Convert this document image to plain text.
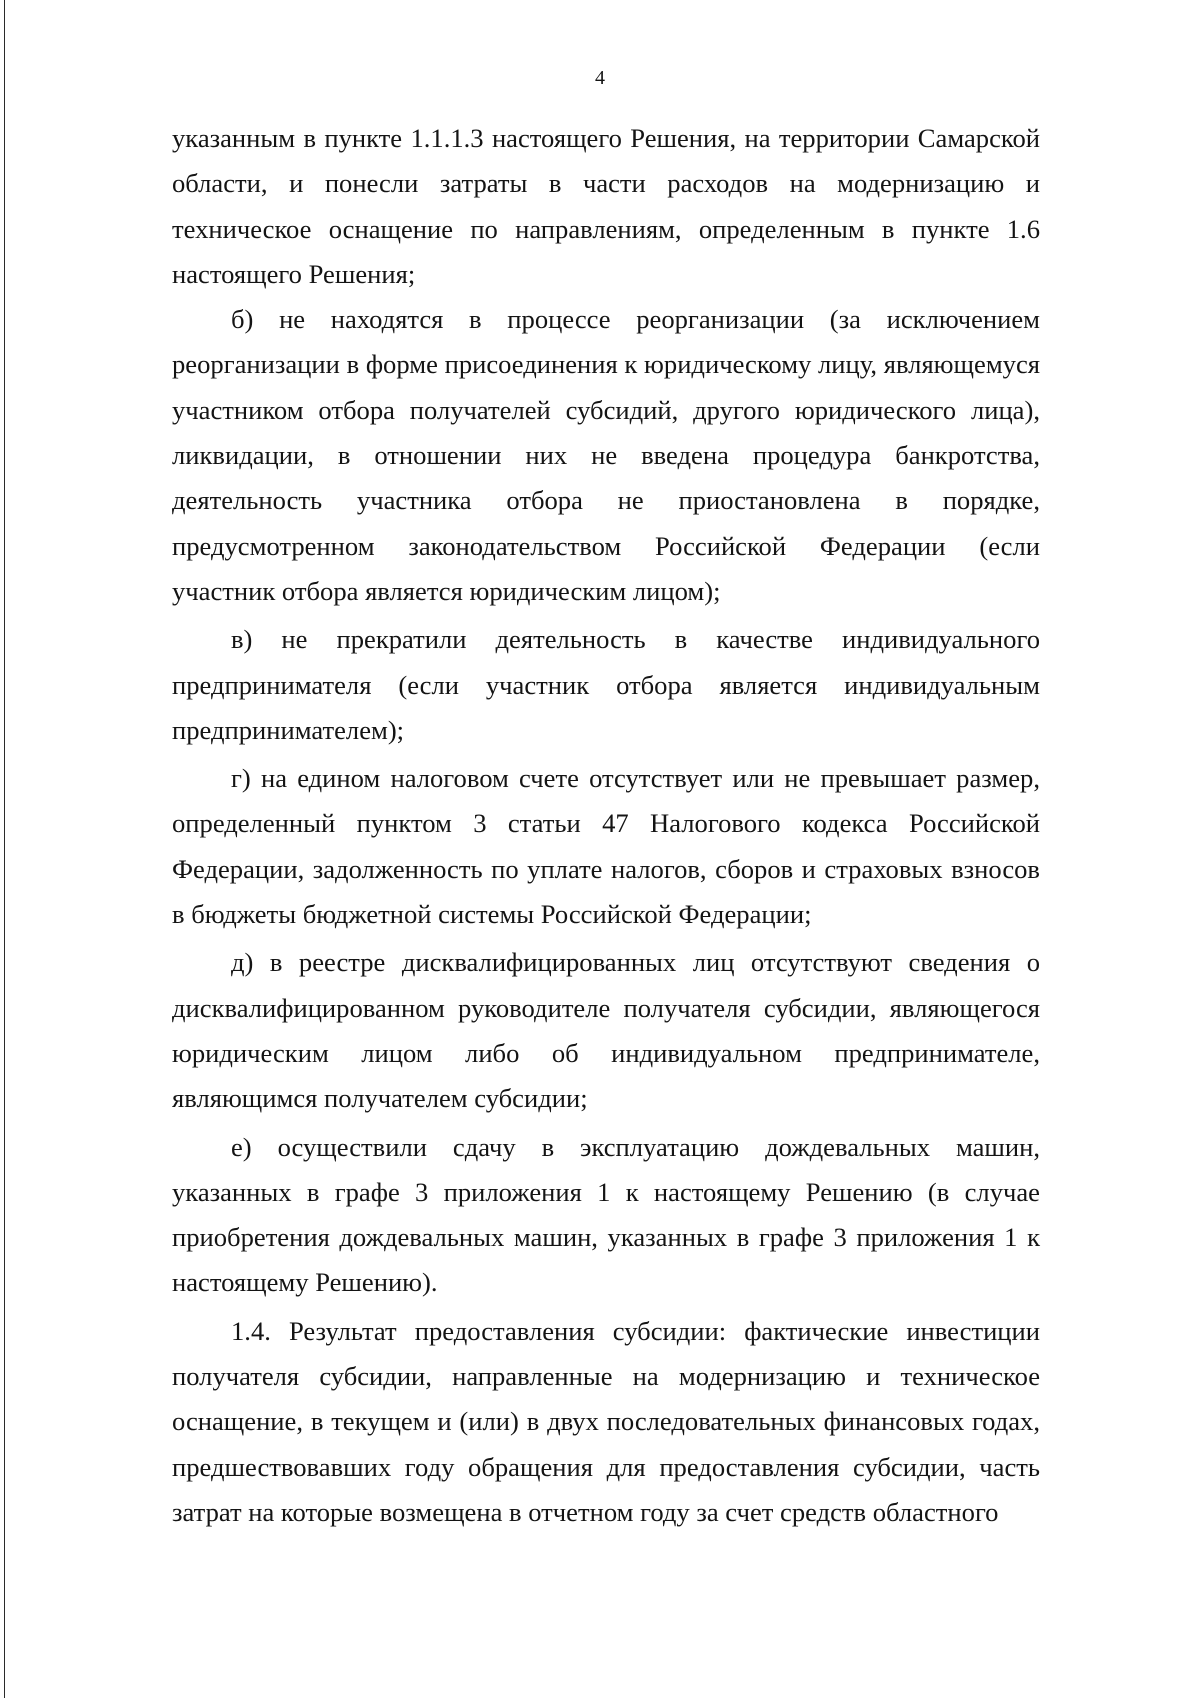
4

указанным в пункте 1.1.1.3 настоящего Решения, на территории Самарской области, и понесли затраты в части расходов на модернизацию и техническое оснащение по направлениям, определенным в пункте 1.6 настоящего Решения;

б) не находятся в процессе реорганизации (за исключением реорганизации в форме присоединения к юридическому лицу, являющемуся участником отбора получателей субсидий, другого юридического лица), ликвидации, в отношении них не введена процедура банкротства, деятельность участника отбора не приостановлена в порядке, предусмотренном законодательством Российской Федерации (если участник отбора является юридическим лицом);

в) не прекратили деятельность в качестве индивидуального предпринимателя (если участник отбора является индивидуальным предпринимателем);

г) на едином налоговом счете отсутствует или не превышает размер, определенный пунктом 3 статьи 47 Налогового кодекса Российской Федерации, задолженность по уплате налогов, сборов и страховых взносов в бюджеты бюджетной системы Российской Федерации;

д) в реестре дисквалифицированных лиц отсутствуют сведения о дисквалифицированном руководителе получателя субсидии, являющегося юридическим лицом либо об индивидуальном предпринимателе, являющимся получателем субсидии;

е) осуществили сдачу в эксплуатацию дождевальных машин, указанных в графе 3 приложения 1 к настоящему Решению (в случае приобретения дождевальных машин, указанных в графе 3 приложения 1 к настоящему Решению).

1.4. Результат предоставления субсидии: фактические инвестиции получателя субсидии, направленные на модернизацию и техническое оснащение, в текущем и (или) в двух последовательных финансовых годах, предшествовавших году обращения для предоставления субсидии, часть затрат на которые возмещена в отчетном году за счет средств областного
